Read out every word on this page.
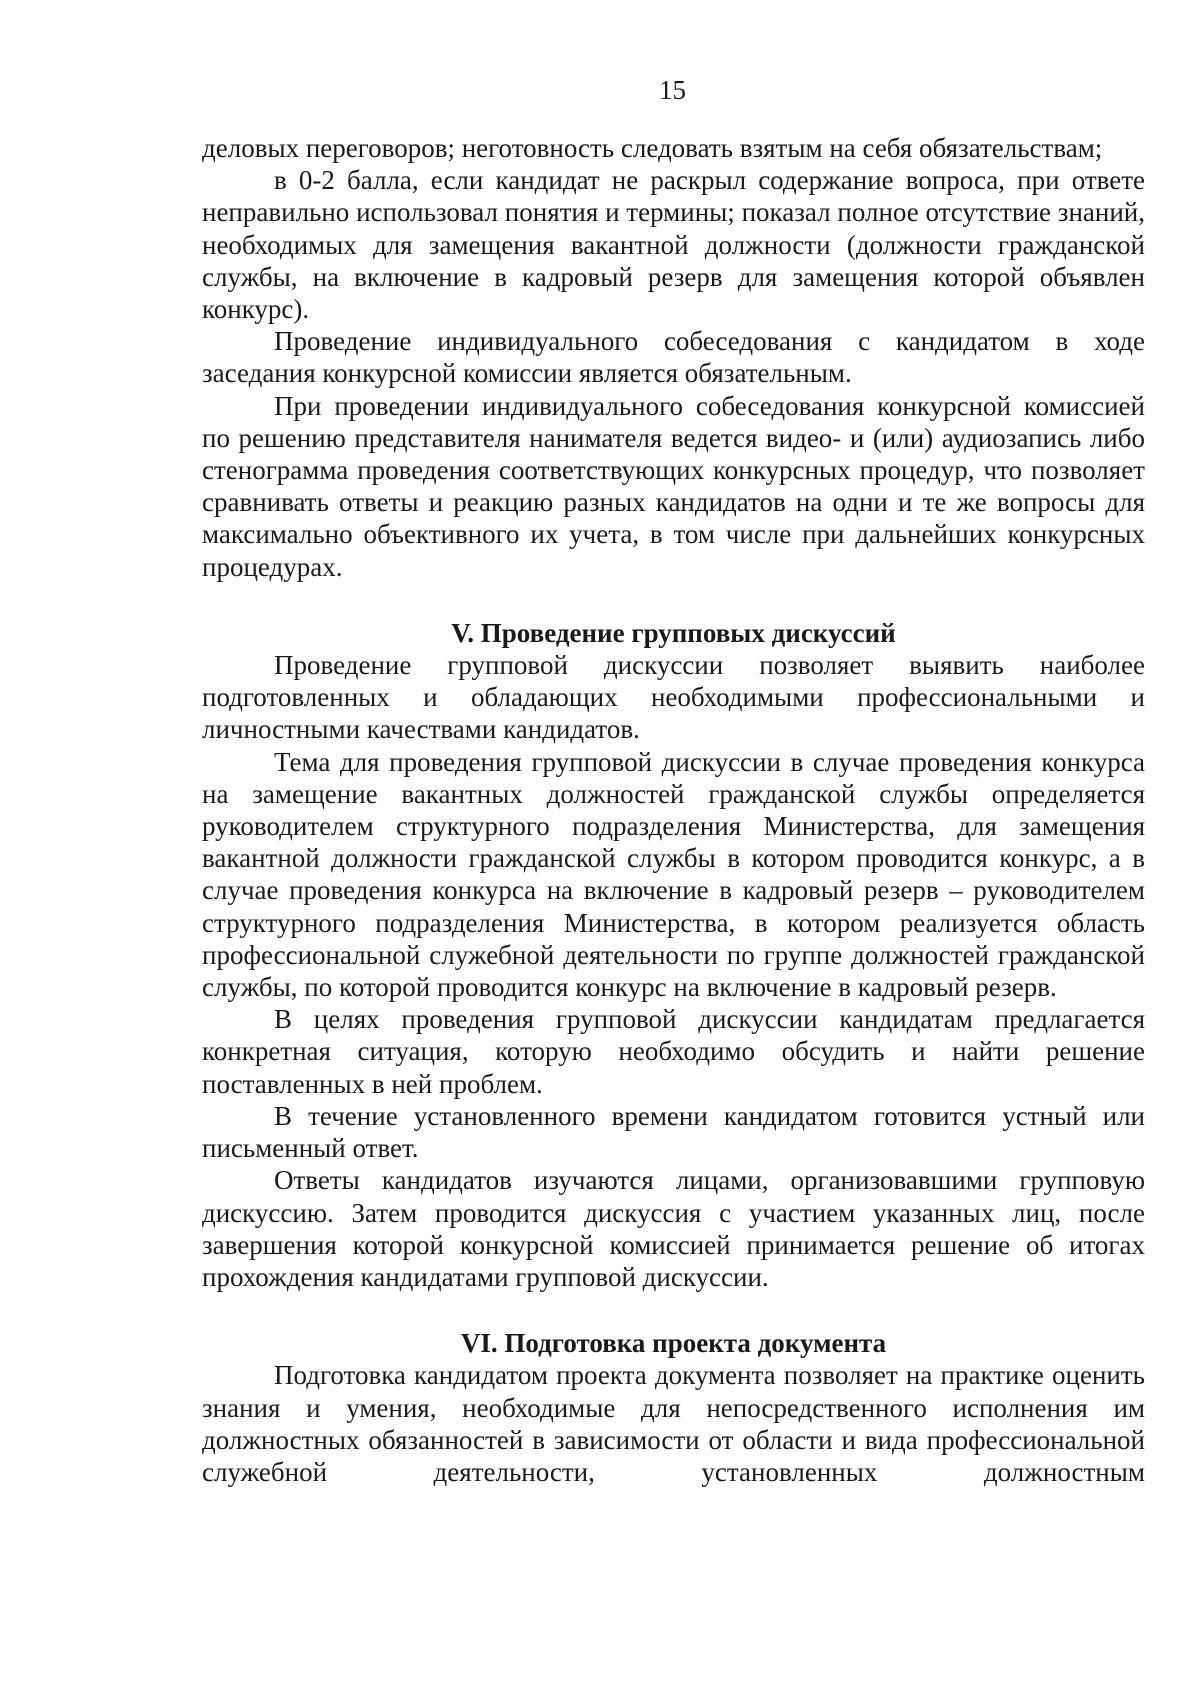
15

деловых переговоров; неготовность следовать взятым на себя обязательствам;

в 0-2 балла, если кандидат не раскрыл содержание вопроса, при ответе неправильно использовал понятия и термины; показал полное отсутствие знаний, необходимых для замещения вакантной должности (должности гражданской службы, на включение в кадровый резерв для замещения которой объявлен конкурс).

Проведение индивидуального собеседования с кандидатом в ходе заседания конкурсной комиссии является обязательным.

При проведении индивидуального собеседования конкурсной комиссией по решению представителя нанимателя ведется видео- и (или) аудиозапись либо стенограмма проведения соответствующих конкурсных процедур, что позволяет сравнивать ответы и реакцию разных кандидатов на одни и те же вопросы для максимально объективного их учета, в том числе при дальнейших конкурсных процедурах.

V. Проведение групповых дискуссий

Проведение групповой дискуссии позволяет выявить наиболее подготовленных и обладающих необходимыми профессиональными и личностными качествами кандидатов.

Тема для проведения групповой дискуссии в случае проведения конкурса на замещение вакантных должностей гражданской службы определяется руководителем структурного подразделения Министерства, для замещения вакантной должности гражданской службы в котором проводится конкурс, а в случае проведения конкурса на включение в кадровый резерв – руководителем структурного подразделения Министерства, в котором реализуется область профессиональной служебной деятельности по группе должностей гражданской службы, по которой проводится конкурс на включение в кадровый резерв.

В целях проведения групповой дискуссии кандидатам предлагается конкретная ситуация, которую необходимо обсудить и найти решение поставленных в ней проблем.

В течение установленного времени кандидатом готовится устный или письменный ответ.

Ответы кандидатов изучаются лицами, организовавшими групповую дискуссию. Затем проводится дискуссия с участием указанных лиц, после завершения которой конкурсной комиссией принимается решение об итогах прохождения кандидатами групповой дискуссии.

VI. Подготовка проекта документа

Подготовка кандидатом проекта документа позволяет на практике оценить знания и умения, необходимые для непосредственного исполнения им должностных обязанностей в зависимости от области и вида профессиональной служебной деятельности, установленных должностным
